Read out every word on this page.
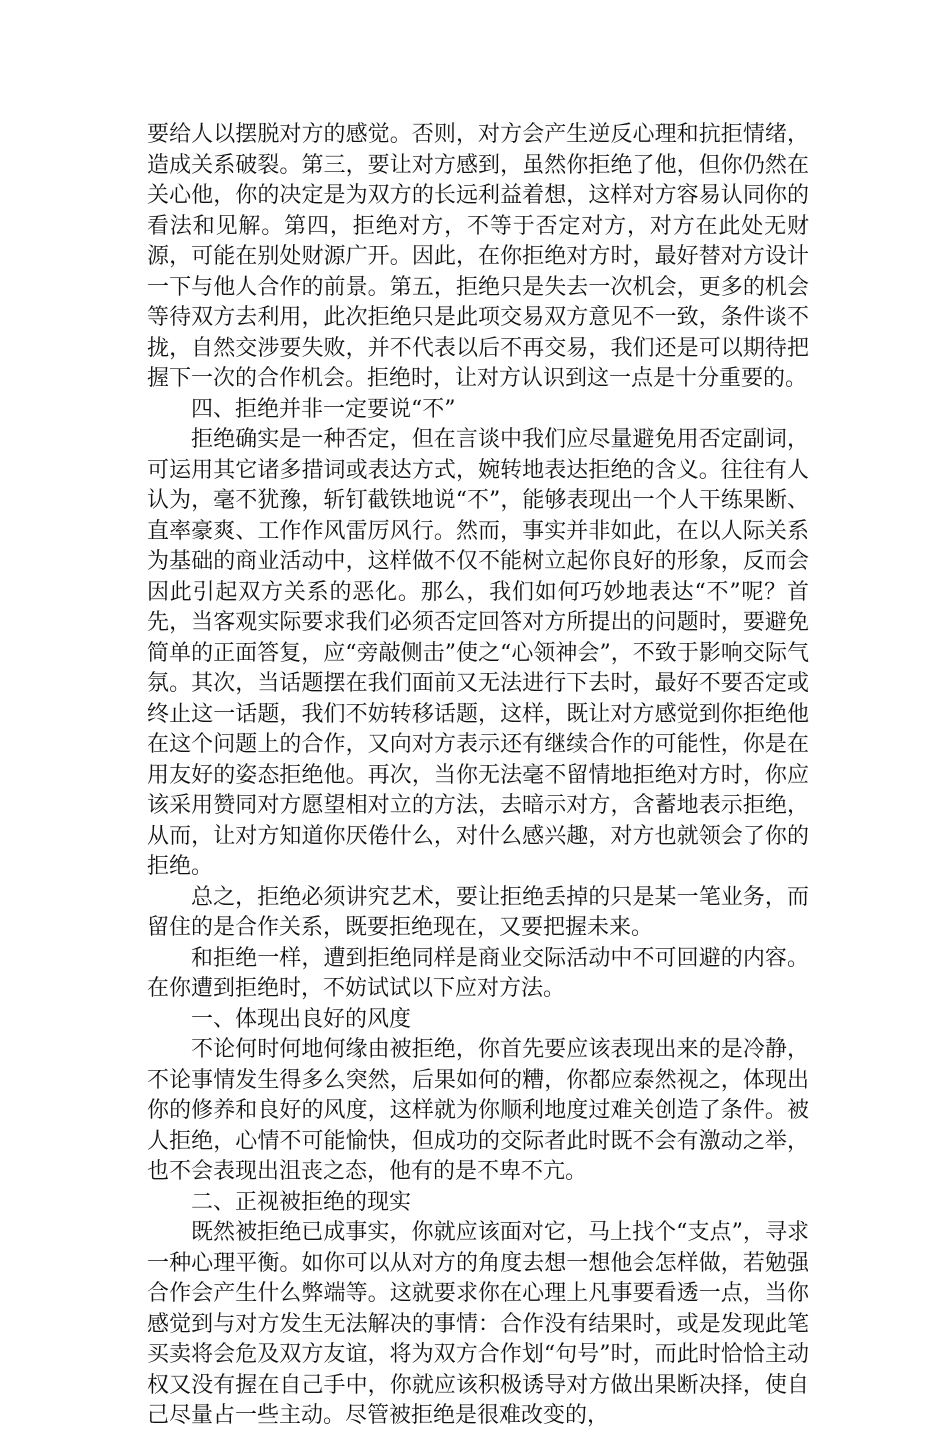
要给人以摆脱对方的感觉。否则，对方会产生逆反心理和抗拒情绪，造成关系破裂。第三，要让对方感到，虽然你拒绝了他，但你仍然在关心他，你的决定是为双方的长远利益着想，这样对方容易认同你的看法和见解。第四，拒绝对方，不等于否定对方，对方在此处无财源，可能在别处财源广开。因此，在你拒绝对方时，最好替对方设计一下与他人合作的前景。第五，拒绝只是失去一次机会，更多的机会等待双方去利用，此次拒绝只是此项交易双方意见不一致，条件谈不拢，自然交涉要失败，并不代表以后不再交易，我们还是可以期待把握下一次的合作机会。拒绝时，让对方认识到这一点是十分重要的。

四、拒绝并非一定要说“不”

拒绝确实是一种否定，但在言谈中我们应尽量避免用否定副词，可运用其它诸多措词或表达方式，婉转地表达拒绝的含义。往往有人认为，毫不犹豫，斩钉截铁地说“不”，能够表现出一个人干练果断、直率豪爽、工作作风雷厉风行。然而，事实并非如此，在以人际关系为基础的商业活动中，这样做不仅不能树立起你良好的形象，反而会因此引起双方关系的恶化。那么，我们如何巧妙地表达“不”呢？首先，当客观实际要求我们必须否定回答对方所提出的问题时，要避免简单的正面答复，应“旁敲侧击”使之“心领神会”，不致于影响交际气氛。其次，当话题摆在我们面前又无法进行下去时，最好不要否定或终止这一话题，我们不妨转移话题，这样，既让对方感觉到你拒绝他在这个问题上的合作，又向对方表示还有继续合作的可能性，你是在用友好的姿态拒绝他。再次，当你无法毫不留情地拒绝对方时，你应该采用赞同对方愿望相对立的方法，去暗示对方，含蓄地表示拒绝，从而，让对方知道你厌倦什么，对什么感兴趣，对方也就领会了你的拒绝。

总之，拒绝必须讲究艺术，要让拒绝丢掉的只是某一笔业务，而留住的是合作关系，既要拒绝现在，又要把握未来。

和拒绝一样，遭到拒绝同样是商业交际活动中不可回避的内容。在你遭到拒绝时，不妨试试以下应对方法。

一、体现出良好的风度

不论何时何地何缘由被拒绝，你首先要应该表现出来的是冷静，不论事情发生得多么突然，后果如何的糟，你都应泰然视之，体现出你的修养和良好的风度，这样就为你顺利地度过难关创造了条件。被人拒绝，心情不可能愉快，但成功的交际者此时既不会有激动之举，也不会表现出沮丧之态，他有的是不卑不亢。

二、正视被拒绝的现实

既然被拒绝已成事实，你就应该面对它，马上找个“支点”，寻求一种心理平衡。如你可以从对方的角度去想一想他会怎样做，若勉强合作会产生什么弊端等。这就要求你在心理上凡事要看透一点，当你感觉到与对方发生无法解决的事情：合作没有结果时，或是发现此笔买卖将会危及双方友谊，将为双方合作划“句号”时，而此时恰恰主动权又没有握在自己手中，你就应该积极诱导对方做出果断决择，使自己尽量占一些主动。尽管被拒绝是很难改变的，
